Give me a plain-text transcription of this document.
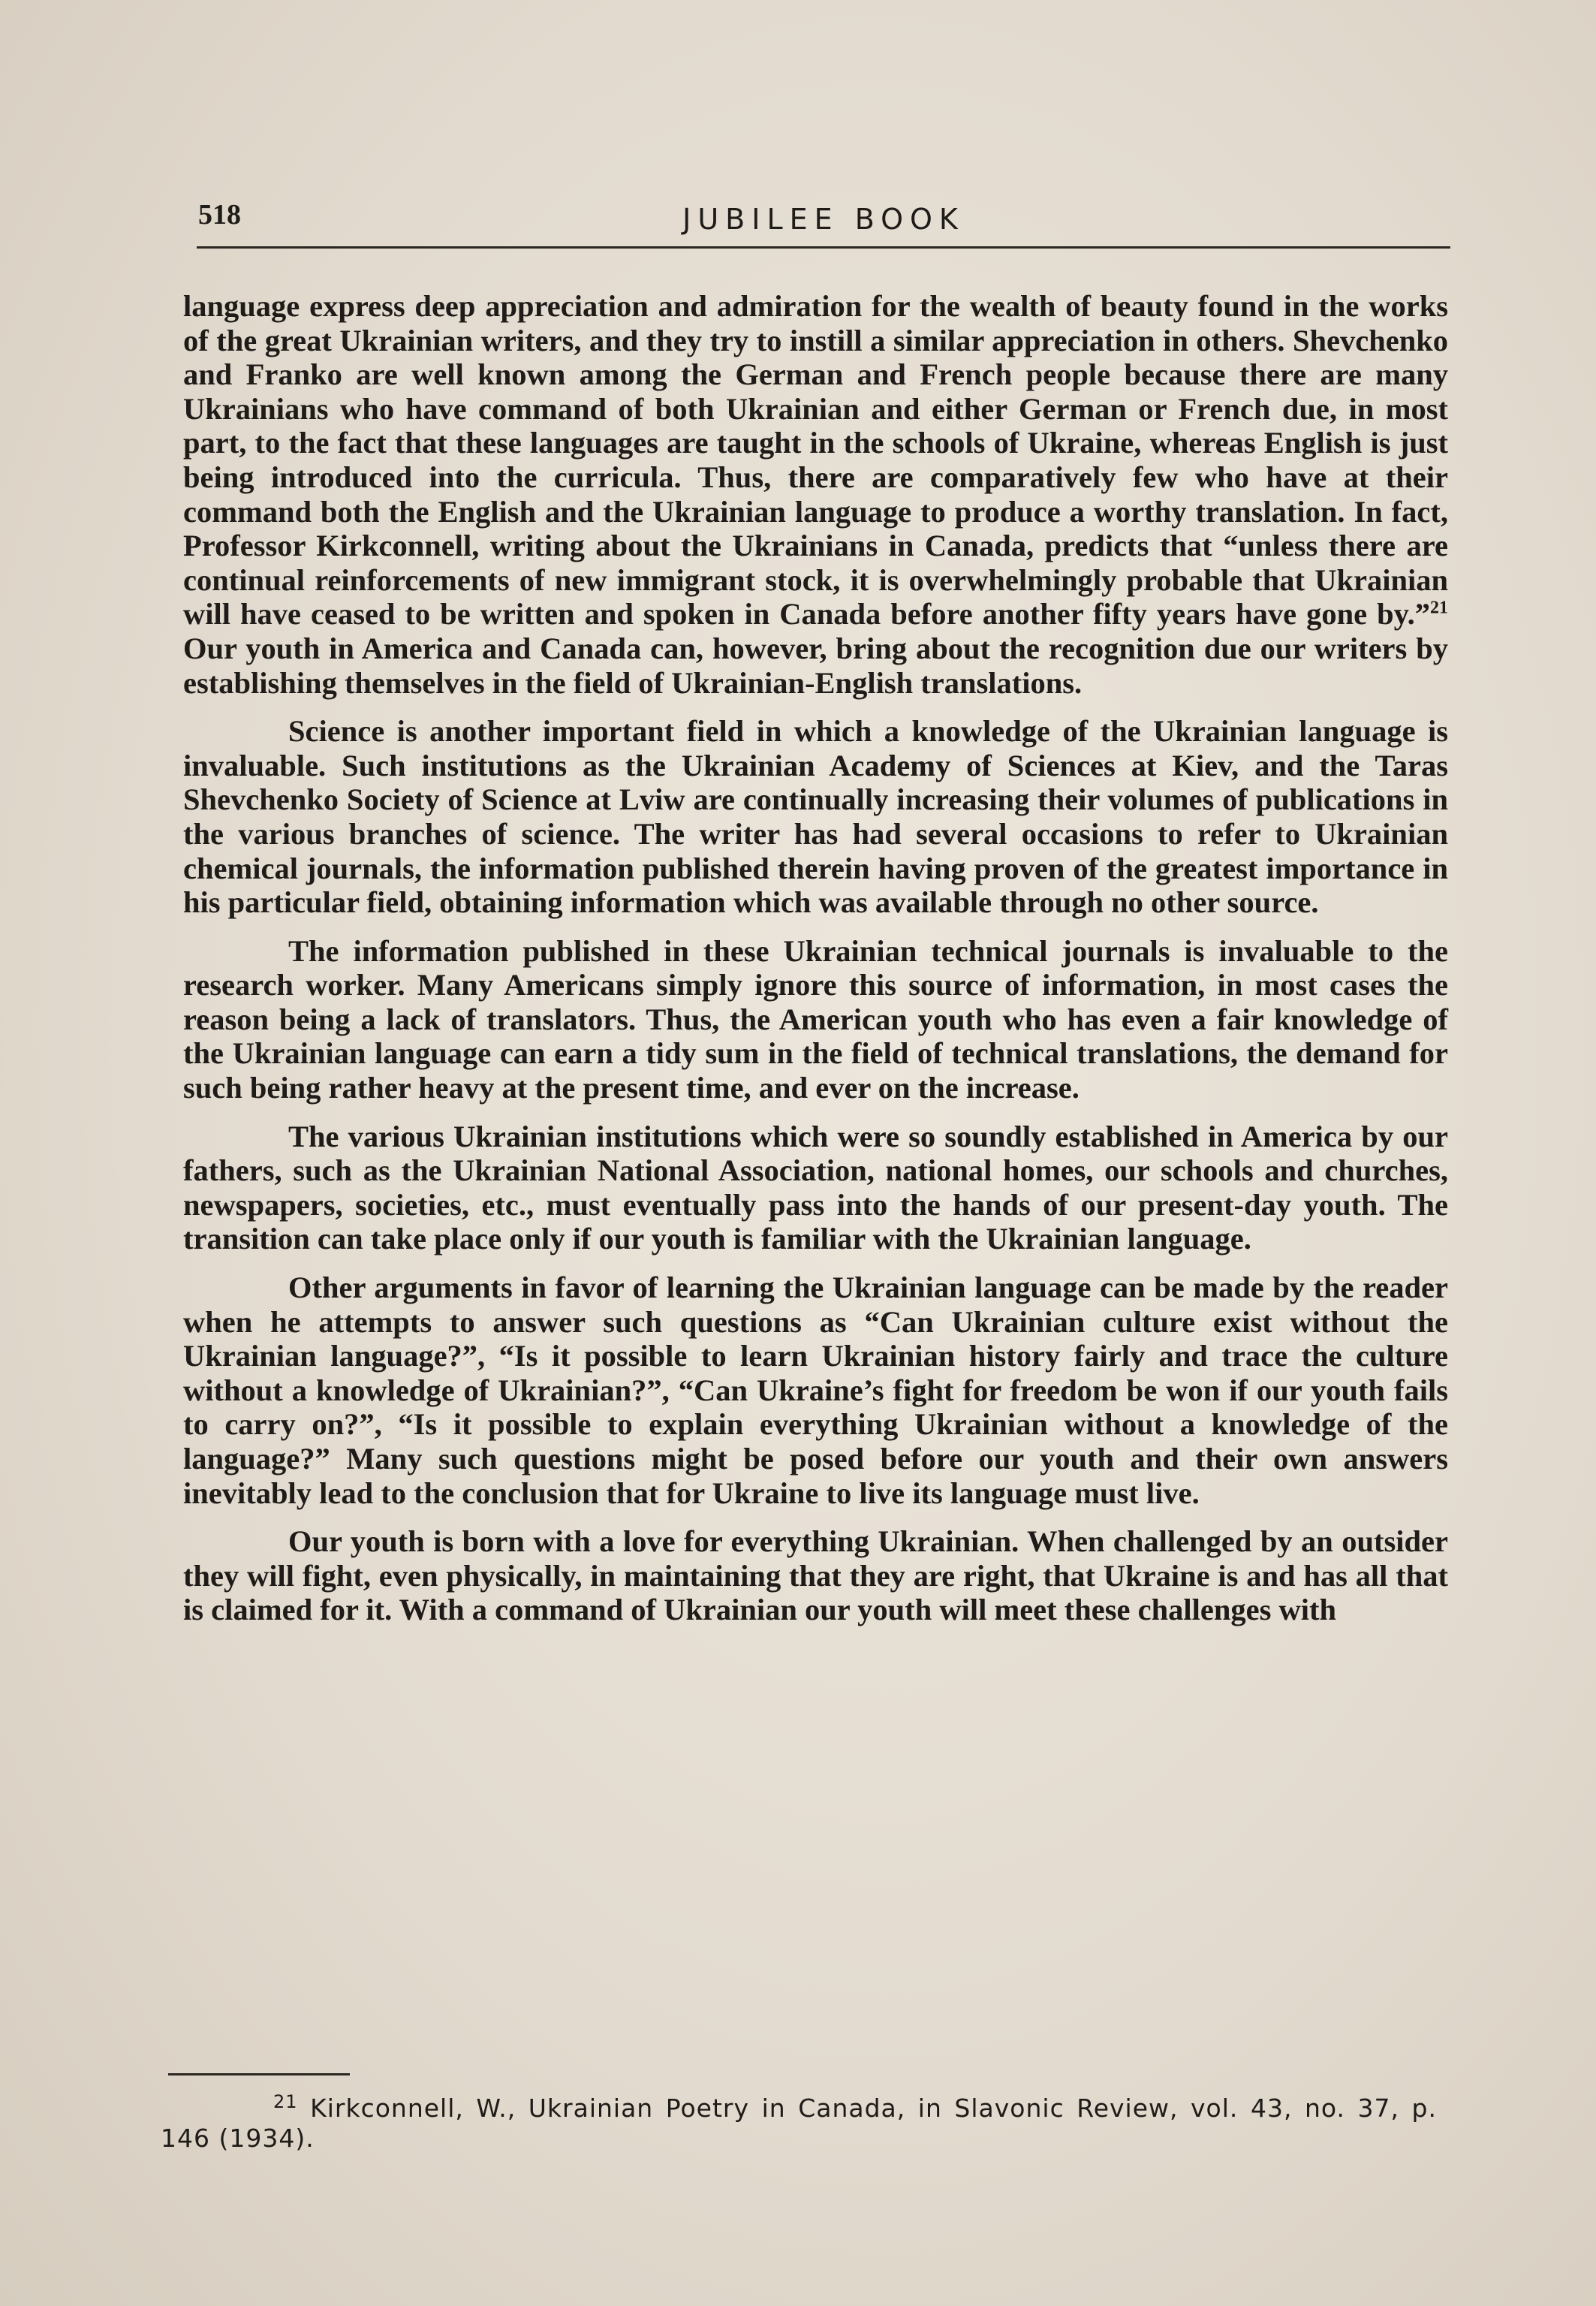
518	JUBILEE BOOK

language express deep appreciation and admiration for the wealth of beauty found in the works of the great Ukrainian writers, and they try to instill a similar appreciation in others. Shevchenko and Franko are well known among the German and French people because there are many Ukrainians who have command of both Ukrainian and either German or French due, in most part, to the fact that these languages are taught in the schools of Ukraine, whereas English is just being introduced into the curricula. Thus, there are comparatively few who have at their command both the English and the Ukrainian language to produce a worthy translation. In fact, Professor Kirkconnell, writing about the Ukrainians in Canada, predicts that “unless there are continual reinforcements of new immigrant stock, it is overwhelmingly probable that Ukrainian will have ceased to be written and spoken in Canada before another fifty years have gone by.”$^{21}$ Our youth in America and Canada can, however, bring about the recognition due our writers by establishing themselves in the field of Ukrainian-English translations.

Science is another important field in which a knowledge of the Ukrainian language is invaluable. Such institutions as the Ukrainian Academy of Sciences at Kiev, and the Taras Shevchenko Society of Science at Lviw are continually increasing their volumes of publications in the various branches of science. The writer has had several occasions to refer to Ukrainian chemical journals, the information published therein having proven of the greatest importance in his particular field, obtaining information which was available through no other source.

The information published in these Ukrainian technical journals is invaluable to the research worker. Many Americans simply ignore this source of information, in most cases the reason being a lack of translators. Thus, the American youth who has even a fair knowledge of the Ukrainian language can earn a tidy sum in the field of technical translations, the demand for such being rather heavy at the present time, and ever on the increase.

The various Ukrainian institutions which were so soundly established in America by our fathers, such as the Ukrainian National Association, national homes, our schools and churches, newspapers, societies, etc., must eventually pass into the hands of our present-day youth. The transition can take place only if our youth is familiar with the Ukrainian language.

Other arguments in favor of learning the Ukrainian language can be made by the reader when he attempts to answer such questions as “Can Ukrainian culture exist without the Ukrainian language?”, “Is it possible to learn Ukrainian history fairly and trace the culture without a knowledge of Ukrainian?”, “Can Ukraine’s fight for freedom be won if our youth fails to carry on?”, “Is it possible to explain everything Ukrainian without a knowledge of the language?” Many such questions might be posed before our youth and their own answers inevitably lead to the conclusion that for Ukraine to live its language must live.

Our youth is born with a love for everything Ukrainian. When challenged by an outsider they will fight, even physically, in maintaining that they are right, that Ukraine is and has all that is claimed for it. With a command of Ukrainian our youth will meet these challenges with

$^{21}$ Kirkconnell, W., Ukrainian Poetry in Canada, in Slavonic Review, vol. 43, no. 37, p. 146 (1934).
